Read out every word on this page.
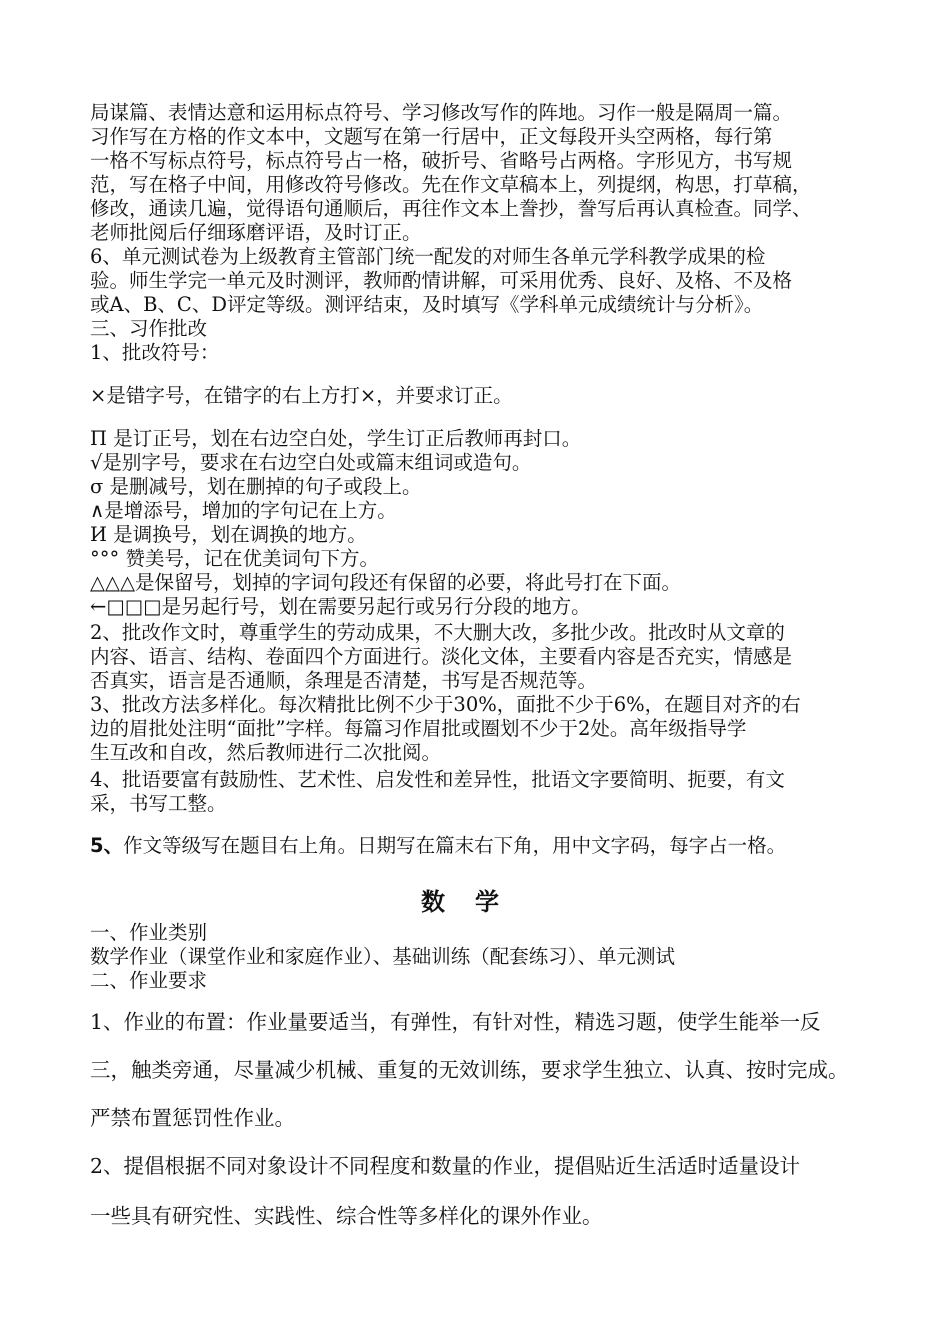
局谋篇、表情达意和运用标点符号、学习修改写作的阵地。习作一般是隔周一篇。
习作写在方格的作文本中，文题写在第一行居中，正文每段开头空两格，每行第
一格不写标点符号，标点符号占一格，破折号、省略号占两格。字形见方，书写规
范，写在格子中间，用修改符号修改。先在作文草稿本上，列提纲，构思，打草稿，
修改，通读几遍，觉得语句通顺后，再往作文本上誊抄，誊写后再认真检查。同学、
老师批阅后仔细琢磨评语，及时订正。
6、单元测试卷为上级教育主管部门统一配发的对师生各单元学科教学成果的检
验。师生学完一单元及时测评，教师酌情讲解，可采用优秀、良好、及格、不及格
或A、B、C、D评定等级。测评结束，及时填写《学科单元成绩统计与分析》。
三、习作批改
1、批改符号：
×是错字号，在错字的右上方打×，并要求订正。
Π 是订正号，划在右边空白处，学生订正后教师再封口。
√是别字号，要求在右边空白处或篇末组词或造句。
σ 是删减号，划在删掉的句子或段上。
∧是增添号，增加的字句记在上方。
И 是调换号，划在调换的地方。
°°° 赞美号，记在优美词句下方。
△△△是保留号，划掉的字词句段还有保留的必要，将此号打在下面。
←□□□是另起行号，划在需要另起行或另行分段的地方。
2、批改作文时，尊重学生的劳动成果，不大删大改，多批少改。批改时从文章的
内容、语言、结构、卷面四个方面进行。淡化文体，主要看内容是否充实，情感是
否真实，语言是否通顺，条理是否清楚，书写是否规范等。
3、批改方法多样化。每次精批比例不少于30%，面批不少于6%，在题目对齐的右
边的眉批处注明“面批”字样。每篇习作眉批或圈划不少于2处。高年级指导学
生互改和自改，然后教师进行二次批阅。
4、批语要富有鼓励性、艺术性、启发性和差异性，批语文字要简明、扼要，有文
采，书写工整。
5、作文等级写在题目右上角。日期写在篇末右下角，用中文字码，每字占一格。
数学
一、作业类别
数学作业（课堂作业和家庭作业）、基础训练（配套练习）、单元测试
二、作业要求
1、作业的布置：作业量要适当，有弹性，有针对性，精选习题，使学生能举一反
三，触类旁通，尽量减少机械、重复的无效训练，要求学生独立、认真、按时完成。
严禁布置惩罚性作业。
2、提倡根据不同对象设计不同程度和数量的作业，提倡贴近生活适时适量设计
一些具有研究性、实践性、综合性等多样化的课外作业。
